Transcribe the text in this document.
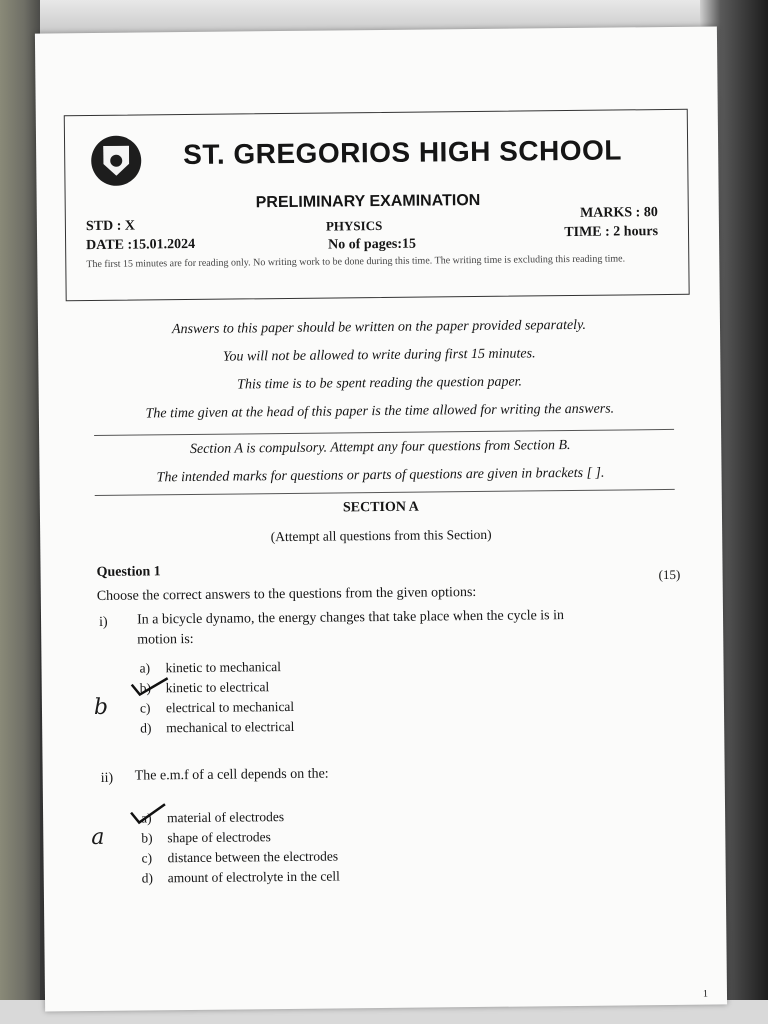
ST. GREGORIOS HIGH SCHOOL
PRELIMINARY EXAMINATION
STD : X
DATE :15.01.2024
PHYSICS
No of pages:15
MARKS : 80
TIME : 2 hours
The first 15 minutes are for reading only. No writing work to be done during this time. The writing time is excluding this reading time.
Answers to this paper should be written on the paper provided separately.
You will not be allowed to write during first 15 minutes.
This time is to be spent reading the question paper.
The time given at the head of this paper is the time allowed for writing the answers.
Section A is compulsory. Attempt any four questions from Section B.
The intended marks for questions or parts of questions are given in brackets [ ].
SECTION A
(Attempt all questions from this Section)
Question 1	(15)
Choose the correct answers to the questions from the given options:
i) In a bicycle dynamo, the energy changes that take place when the cycle is in motion is:
a) kinetic to mechanical
b) kinetic to electrical
c) electrical to mechanical
d) mechanical to electrical
b
ii) The e.m.f of a cell depends on the:
a) material of electrodes
b) shape of electrodes
c) distance between the electrodes
d) amount of electrolyte in the cell
a
1
